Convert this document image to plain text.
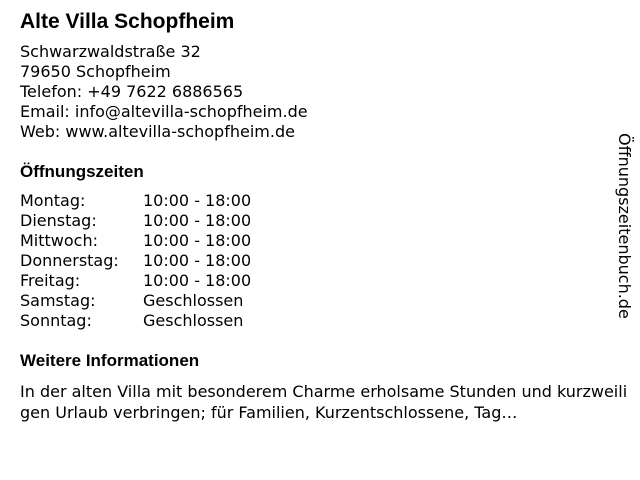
Alte Villa Schopfheim
Schwarzwaldstraße 32
79650 Schopfheim
Telefon: +49 7622 6886565
Email: info@altevilla-schopfheim.de
Web: www.altevilla-schopfheim.de
Öffnungszeiten
Montag:	10:00 - 18:00
Dienstag:	10:00 - 18:00
Mittwoch:	10:00 - 18:00
Donnerstag:	10:00 - 18:00
Freitag:	10:00 - 18:00
Samstag:	Geschlossen
Sonntag:	Geschlossen
Weitere Informationen
In der alten Villa mit besonderem Charme erholsame Stunden und kurzweiligen Urlaub verbringen; für Familien, Kurzentschlossene, Tag…
Öffnungszeitenbuch.de
